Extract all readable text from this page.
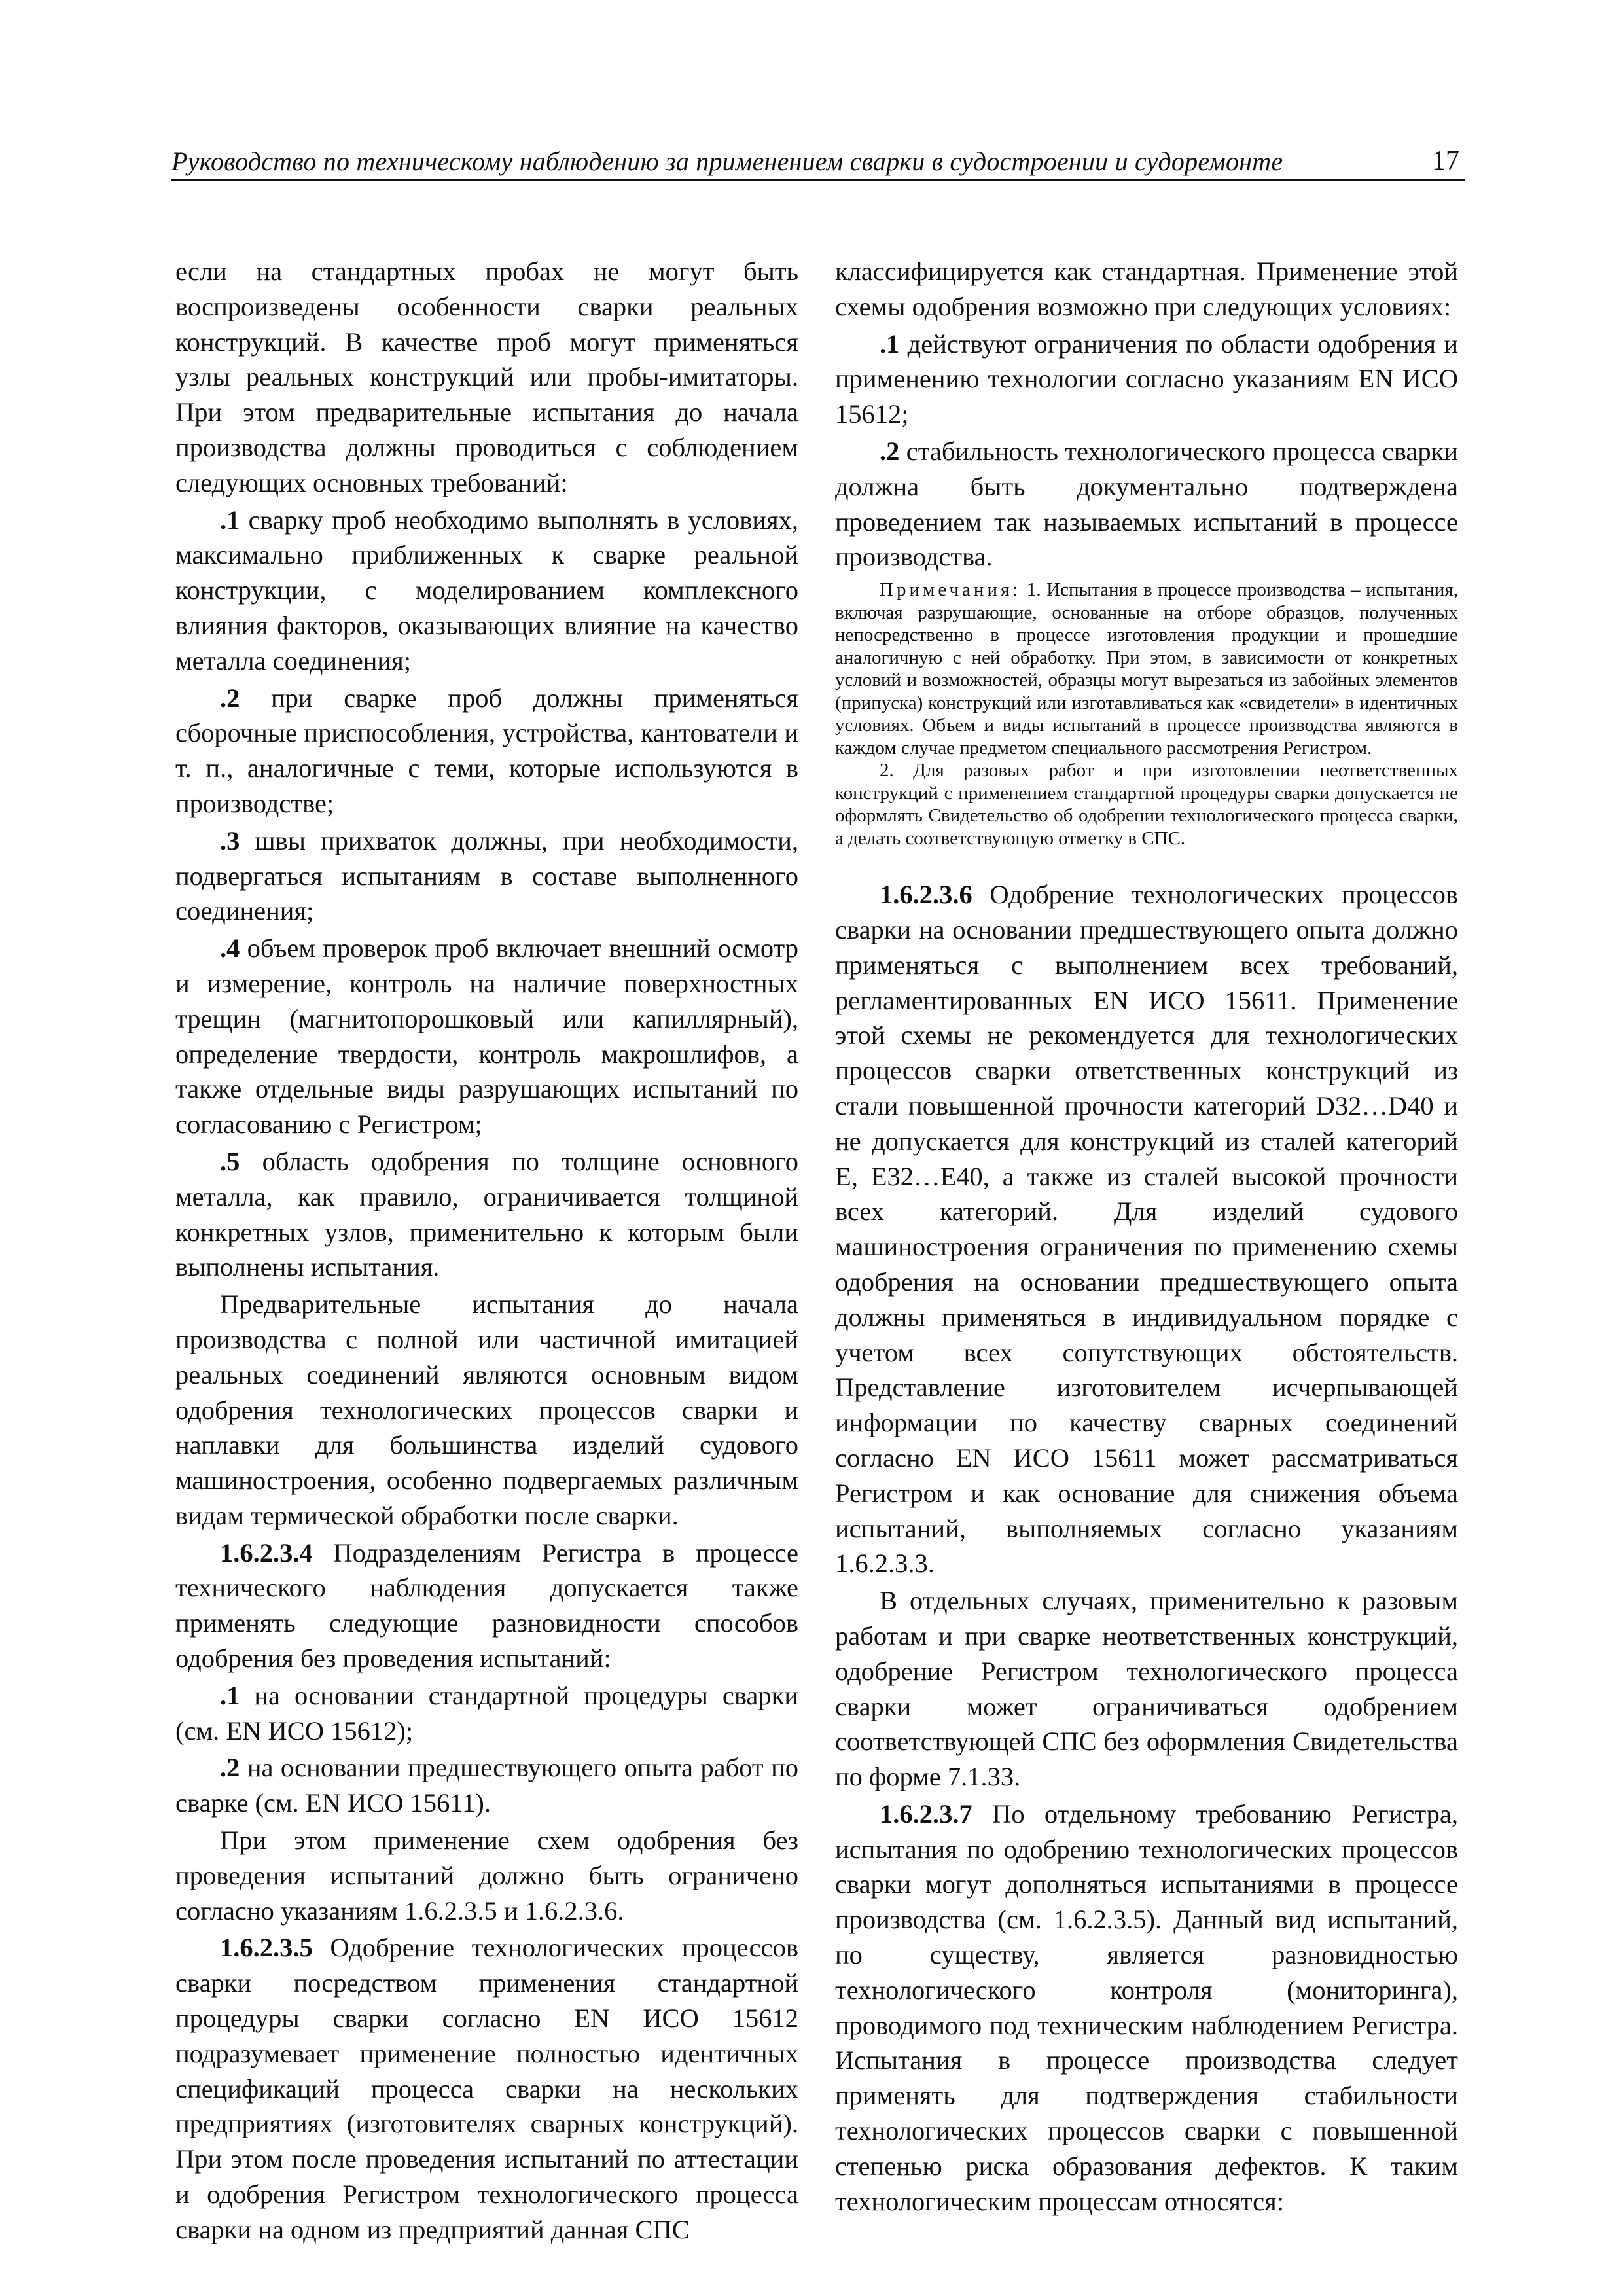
Руководство по техническому наблюдению за применением сварки в судостроении и судоремонте	17

если на стандартных пробах не могут быть воспроизведены особенности сварки реальных конструкций. В качестве проб могут применяться узлы реальных конструкций или пробы-имитаторы. При этом предварительные испытания до начала производства должны проводиться с соблюдением следующих основных требований:

.1 сварку проб необходимо выполнять в условиях, максимально приближенных к сварке реальной конструкции, с моделированием комплексного влияния факторов, оказывающих влияние на качество металла соединения;

.2 при сварке проб должны применяться сборочные приспособления, устройства, кантователи и т. п., аналогичные с теми, которые используются в производстве;

.3 швы прихваток должны, при необходимости, подвергаться испытаниям в составе выполненного соединения;

.4 объем проверок проб включает внешний осмотр и измерение, контроль на наличие поверхностных трещин (магнитопорошковый или капиллярный), определение твердости, контроль макрошлифов, а также отдельные виды разрушающих испытаний по согласованию с Регистром;

.5 область одобрения по толщине основного металла, как правило, ограничивается толщиной конкретных узлов, применительно к которым были выполнены испытания.

Предварительные испытания до начала производства с полной или частичной имитацией реальных соединений являются основным видом одобрения технологических процессов сварки и наплавки для большинства изделий судового машиностроения, особенно подвергаемых различным видам термической обработки после сварки.

1.6.2.3.4 Подразделениям Регистра в процессе технического наблюдения допускается также применять следующие разновидности способов одобрения без проведения испытаний:

.1 на основании стандартной процедуры сварки (см. EN ИСО 15612);

.2 на основании предшествующего опыта работ по сварке (см. EN ИСО 15611).

При этом применение схем одобрения без проведения испытаний должно быть ограничено согласно указаниям 1.6.2.3.5 и 1.6.2.3.6.

1.6.2.3.5 Одобрение технологических процессов сварки посредством применения стандартной процедуры сварки согласно EN ИСО 15612 подразумевает применение полностью идентичных спецификаций процесса сварки на нескольких предприятиях (изготовителях сварных конструкций). При этом после проведения испытаний по аттестации и одобрения Регистром технологического процесса сварки на одном из предприятий данная СПС

классифицируется как стандартная. Применение этой схемы одобрения возможно при следующих условиях:

.1 действуют ограничения по области одобрения и применению технологии согласно указаниям EN ИСО 15612;

.2 стабильность технологического процесса сварки должна быть документально подтверждена проведением так называемых испытаний в процессе производства.

Примечания: 1. Испытания в процессе производства – испытания, включая разрушающие, основанные на отборе образцов, полученных непосредственно в процессе изготовления продукции и прошедшие аналогичную с ней обработку. При этом, в зависимости от конкретных условий и возможностей, образцы могут вырезаться из забойных элементов (припуска) конструкций или изготавливаться как «свидетели» в идентичных условиях. Объем и виды испытаний в процессе производства являются в каждом случае предметом специального рассмотрения Регистром.

2. Для разовых работ и при изготовлении неответственных конструкций с применением стандартной процедуры сварки допускается не оформлять Свидетельство об одобрении технологического процесса сварки, а делать соответствующую отметку в СПС.

1.6.2.3.6 Одобрение технологических процессов сварки на основании предшествующего опыта должно применяться с выполнением всех требований, регламентированных EN ИСО 15611. Применение этой схемы не рекомендуется для технологических процессов сварки ответственных конструкций из стали повышенной прочности категорий D32…D40 и не допускается для конструкций из сталей категорий E, E32…E40, а также из сталей высокой прочности всех категорий. Для изделий судового машиностроения ограничения по применению схемы одобрения на основании предшествующего опыта должны применяться в индивидуальном порядке с учетом всех сопутствующих обстоятельств. Представление изготовителем исчерпывающей информации по качеству сварных соединений согласно EN ИСО 15611 может рассматриваться Регистром и как основание для снижения объема испытаний, выполняемых согласно указаниям 1.6.2.3.3.

В отдельных случаях, применительно к разовым работам и при сварке неответственных конструкций, одобрение Регистром технологического процесса сварки может ограничиваться одобрением соответствующей СПС без оформления Свидетельства по форме 7.1.33.

1.6.2.3.7 По отдельному требованию Регистра, испытания по одобрению технологических процессов сварки могут дополняться испытаниями в процессе производства (см. 1.6.2.3.5). Данный вид испытаний, по существу, является разновидностью технологического контроля (мониторинга), проводимого под техническим наблюдением Регистра. Испытания в процессе производства следует применять для подтверждения стабильности технологических процессов сварки с повышенной степенью риска образования дефектов. К таким технологическим процессам относятся:
